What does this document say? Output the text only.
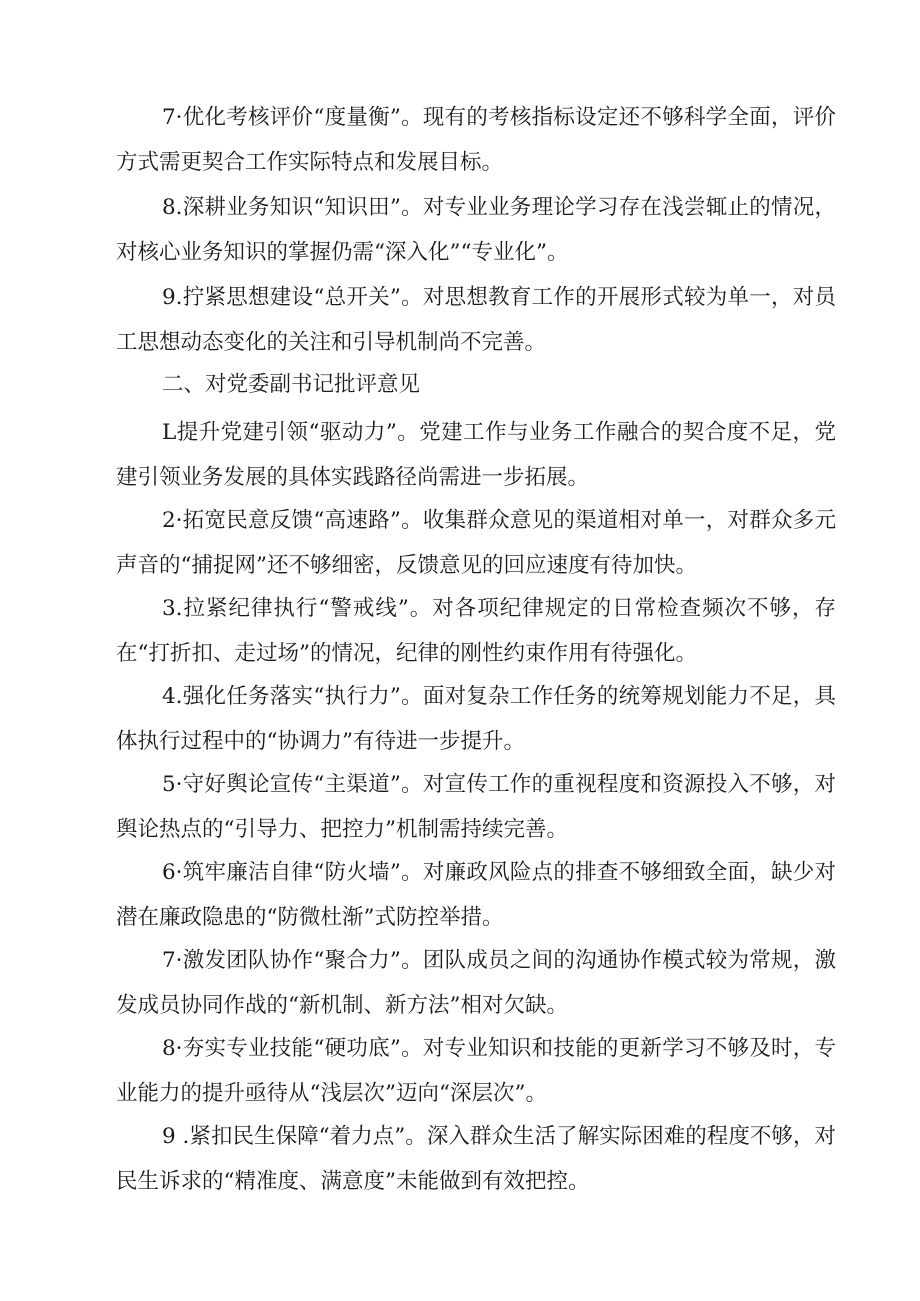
7·优化考核评价“度量衡”。现有的考核指标设定还不够科学全面，评价方式需更契合工作实际特点和发展目标。

8.深耕业务知识“知识田”。对专业业务理论学习存在浅尝辄止的情况，对核心业务知识的掌握仍需“深入化”“专业化”。

9.拧紧思想建设“总开关”。对思想教育工作的开展形式较为单一，对员工思想动态变化的关注和引导机制尚不完善。

二、对党委副书记批评意见

L提升党建引领“驱动力”。党建工作与业务工作融合的契合度不足，党建引领业务发展的具体实践路径尚需进一步拓展。

2·拓宽民意反馈“高速路”。收集群众意见的渠道相对单一，对群众多元声音的“捕捉网”还不够细密，反馈意见的回应速度有待加快。

3.拉紧纪律执行“警戒线”。对各项纪律规定的日常检查频次不够，存在“打折扣、走过场”的情况，纪律的刚性约束作用有待强化。

4.强化任务落实“执行力”。面对复杂工作任务的统筹规划能力不足，具体执行过程中的“协调力”有待进一步提升。

5·守好舆论宣传“主渠道”。对宣传工作的重视程度和资源投入不够，对舆论热点的“引导力、把控力”机制需持续完善。

6·筑牢廉洁自律“防火墙”。对廉政风险点的排查不够细致全面，缺少对潜在廉政隐患的“防微杜渐”式防控举措。

7·激发团队协作“聚合力”。团队成员之间的沟通协作模式较为常规，激发成员协同作战的“新机制、新方法”相对欠缺。

8·夯实专业技能“硬功底”。对专业知识和技能的更新学习不够及时，专业能力的提升亟待从“浅层次”迈向“深层次”。

9 .紧扣民生保障“着力点”。深入群众生活了解实际困难的程度不够，对民生诉求的“精准度、满意度”未能做到有效把控。
